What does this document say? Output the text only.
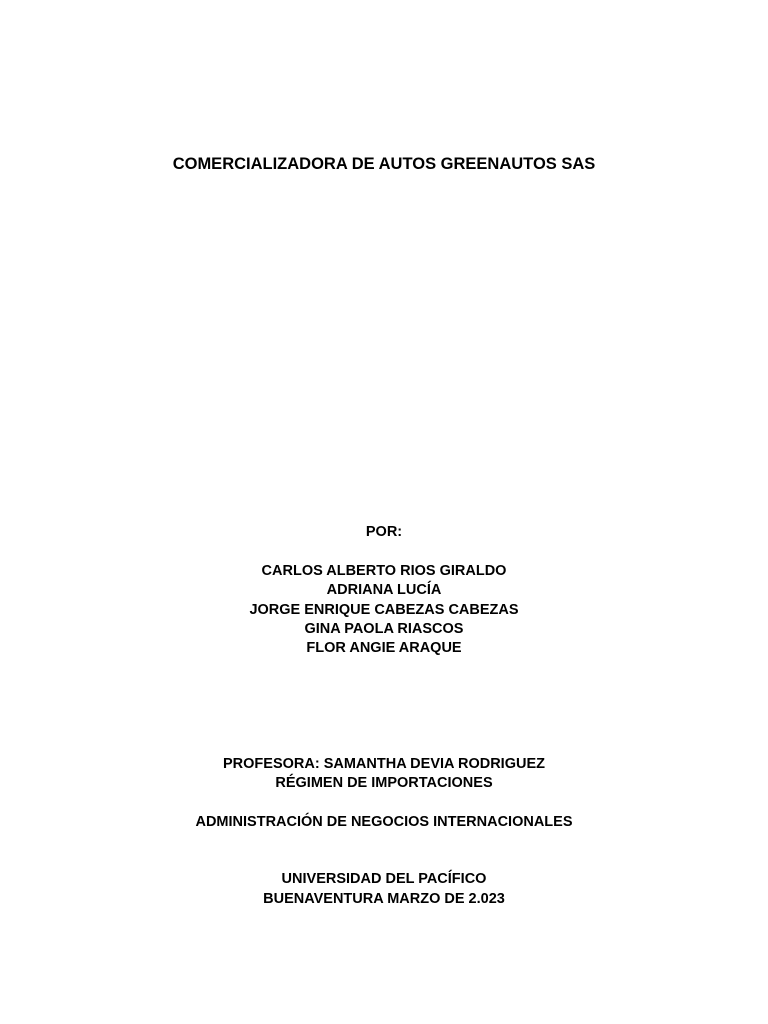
COMERCIALIZADORA DE AUTOS GREENAUTOS SAS
POR:
CARLOS ALBERTO RIOS GIRALDO
ADRIANA LUCÍA
JORGE ENRIQUE CABEZAS CABEZAS
GINA PAOLA RIASCOS
FLOR ANGIE ARAQUE
PROFESORA: SAMANTHA DEVIA RODRIGUEZ
RÉGIMEN DE IMPORTACIONES
ADMINISTRACIÓN DE NEGOCIOS INTERNACIONALES
UNIVERSIDAD DEL PACÍFICO
BUENAVENTURA MARZO DE 2.023
